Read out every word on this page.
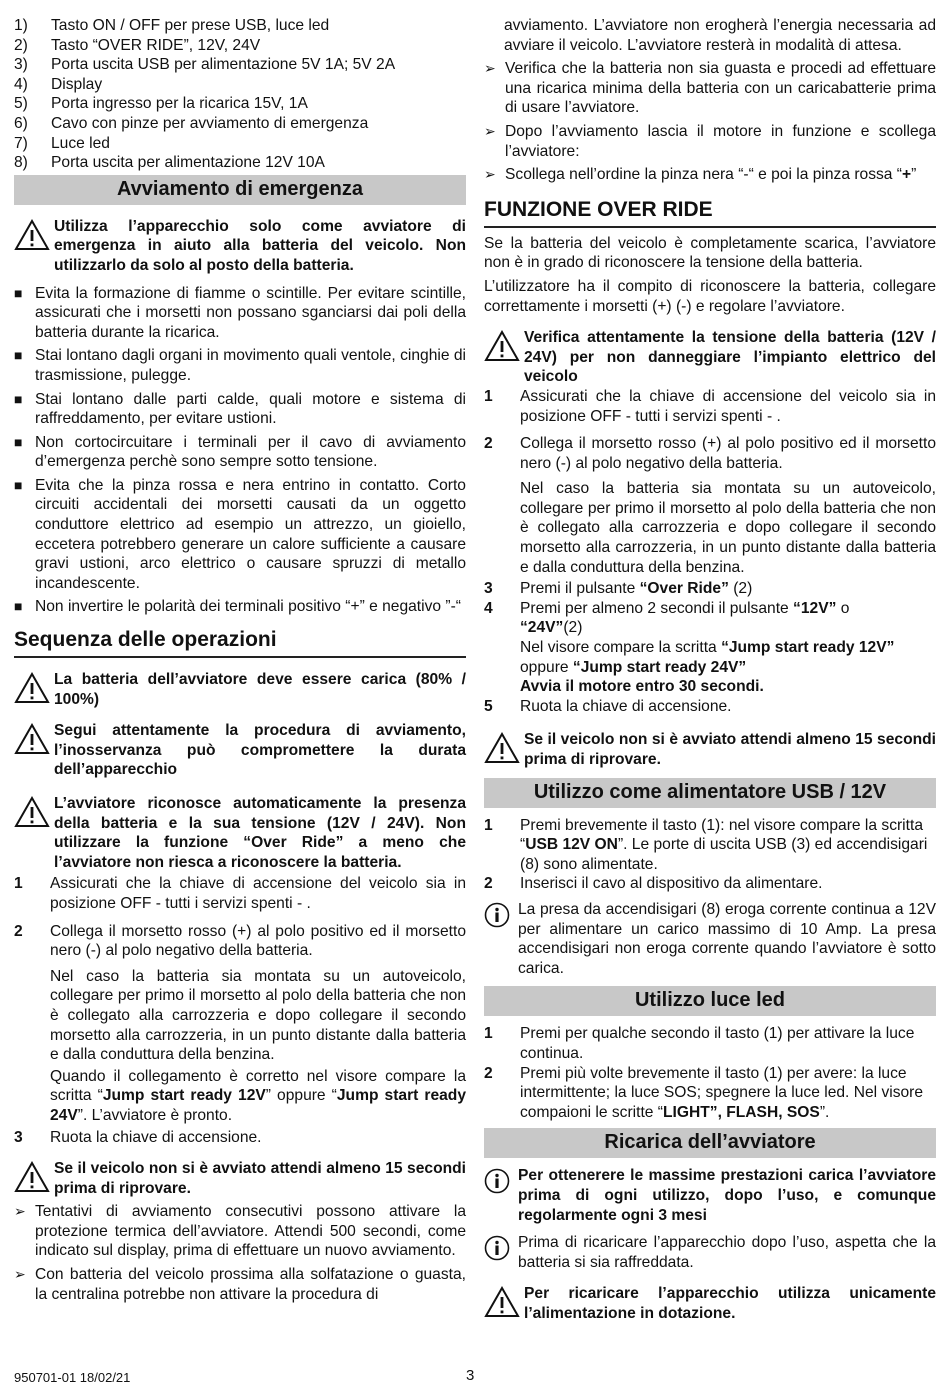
1)	Tasto ON / OFF per prese USB, luce led
2)	Tasto “OVER RIDE”, 12V, 24V
3)	Porta uscita USB per alimentazione 5V 1A; 5V 2A
4)	Display
5)	Porta ingresso per la ricarica 15V, 1A
6)	Cavo con pinze per avviamento di emergenza
7)	Luce led
8)	Porta uscita per alimentazione 12V 10A
Avviamento di emergenza
Utilizza l’apparecchio solo come avviatore di emergenza in aiuto alla batteria del veicolo. Non utilizzarlo da solo al posto della batteria.
■ Evita la formazione di fiamme o scintille. Per evitare scintille, assicurati che i morsetti non possano sganciarsi dai poli della batteria durante la ricarica.
■ Stai lontano dagli organi in movimento quali ventole, cinghie di trasmissione, pulegge.
■ Stai lontano dalle parti calde, quali motore e sistema di raffreddamento, per evitare ustioni.
■ Non cortocircuitare i terminali per il cavo di avviamento d’emergenza perchè sono sempre sotto tensione.
■ Evita che la pinza rossa e nera entrino in contatto. Corto circuiti accidentali dei morsetti causati da un oggetto conduttore elettrico ad esempio un attrezzo, un gioiello, eccetera potrebbero generare un calore sufficiente a causare gravi ustioni, arco elettrico o causare spruzzi di metallo incandescente.
■ Non invertire le polarità dei terminali positivo “+” e negativo ”-“
Sequenza delle operazioni
La batteria dell’avviatore deve essere carica (80% / 100%)
Segui attentamente la procedura di avviamento, l’inosservanza può compromettere la durata dell’apparecchio
L’avviatore riconosce automaticamente la presenza della batteria e la sua tensione (12V / 24V). Non utilizzare la funzione “Over Ride” a meno che l’avviatore non riesca a riconoscere la batteria.
1	Assicurati che la chiave di accensione del veicolo sia in posizione OFF - tutti i servizi spenti - .
2	Collega il morsetto rosso (+) al polo positivo ed il morsetto nero (-) al polo negativo della batteria.
Nel caso la batteria sia montata su un autoveicolo, collegare per primo il morsetto al polo della batteria che non è collegato alla carrozzeria e dopo collegare il secondo morsetto alla carrozzeria, in un punto distante dalla batteria e dalla conduttura della benzina.
Quando il collegamento è corretto nel visore compare la scritta “Jump start ready 12V” oppure “Jump start ready 24V”. L’avviatore è pronto.
3	Ruota la chiave di accensione.
Se il veicolo non si è avviato attendi almeno 15 secondi prima di riprovare.
➢ Tentativi di avviamento consecutivi possono attivare la protezione termica dell’avviatore. Attendi 500 secondi, come indicato sul display, prima di effettuare un nuovo avviamento.
➢ Con batteria del veicolo prossima alla solfatazione o guasta, la centralina potrebbe non attivare la procedura di
avviamento. L’avviatore non erogherà l’energia necessaria ad avviare il veicolo. L’avviatore resterà in modalità di attesa.
➢ Verifica che la batteria non sia guasta e procedi ad effettuare una ricarica minima della batteria con un caricabatterie prima di usare l’avviatore.
➢ Dopo l’avviamento lascia il motore in funzione e scollega l’avviatore:
➢ Scollega nell’ordine la pinza nera “-“ e poi la pinza rossa “+”
FUNZIONE OVER RIDE
Se la batteria del veicolo è completamente scarica, l’avviatore non è in grado di riconoscere la tensione della batteria.
L’utilizzatore ha il compito di riconoscere la batteria, collegare correttamente i morsetti (+) (-) e regolare l’avviatore.
Verifica attentamente la tensione della batteria (12V / 24V) per non danneggiare l’impianto elettrico del veicolo
1	Assicurati che la chiave di accensione del veicolo sia in posizione OFF - tutti i servizi spenti - .
2	Collega il morsetto rosso (+) al polo positivo ed il morsetto nero (-) al polo negativo della batteria.
Nel caso la batteria sia montata su un autoveicolo, collegare per primo il morsetto al polo della batteria che non è collegato alla carrozzeria e dopo collegare il secondo morsetto alla carrozzeria, in un punto distante dalla batteria e dalla conduttura della benzina.
3	Premi il pulsante “Over Ride” (2)
4	Premi per almeno 2 secondi il pulsante “12V” o
“24V”(2)
Nel visore compare la scritta “Jump start ready 12V”
oppure “Jump start ready 24V”
Avvia il motore entro 30 secondi.
5	Ruota la chiave di accensione.
Se il veicolo non si è avviato attendi almeno 15 secondi prima di riprovare.
Utilizzo come alimentatore USB / 12V
1	Premi brevemente il tasto (1): nel visore compare la scritta “USB 12V ON”. Le porte di uscita USB (3) ed accendisigari (8) sono alimentate.
2	Inserisci il cavo al dispositivo da alimentare.
La presa da accendisigari (8) eroga corrente continua a 12V per alimentare un carico massimo di 10 Amp. La presa accendisigari non eroga corrente quando l’avviatore è sotto carica.
Utilizzo luce led
1	Premi per qualche secondo il tasto (1) per attivare la luce continua.
2	Premi più volte brevemente il tasto (1) per avere: la luce intermittente; la luce SOS; spegnere la luce led. Nel visore compaioni le scritte “LIGHT”, FLASH, SOS”.
Ricarica dell’avviatore
Per ottenerere le massime prestazioni carica l’avviatore prima di ogni utilizzo, dopo l’uso, e comunque regolarmente ogni 3 mesi
Prima di ricaricare l’apparecchio dopo l’uso, aspetta che la batteria si sia raffreddata.
Per ricaricare l’apparecchio utilizza unicamente l’alimentazione in dotazione.
950701-01 18/02/21	3
